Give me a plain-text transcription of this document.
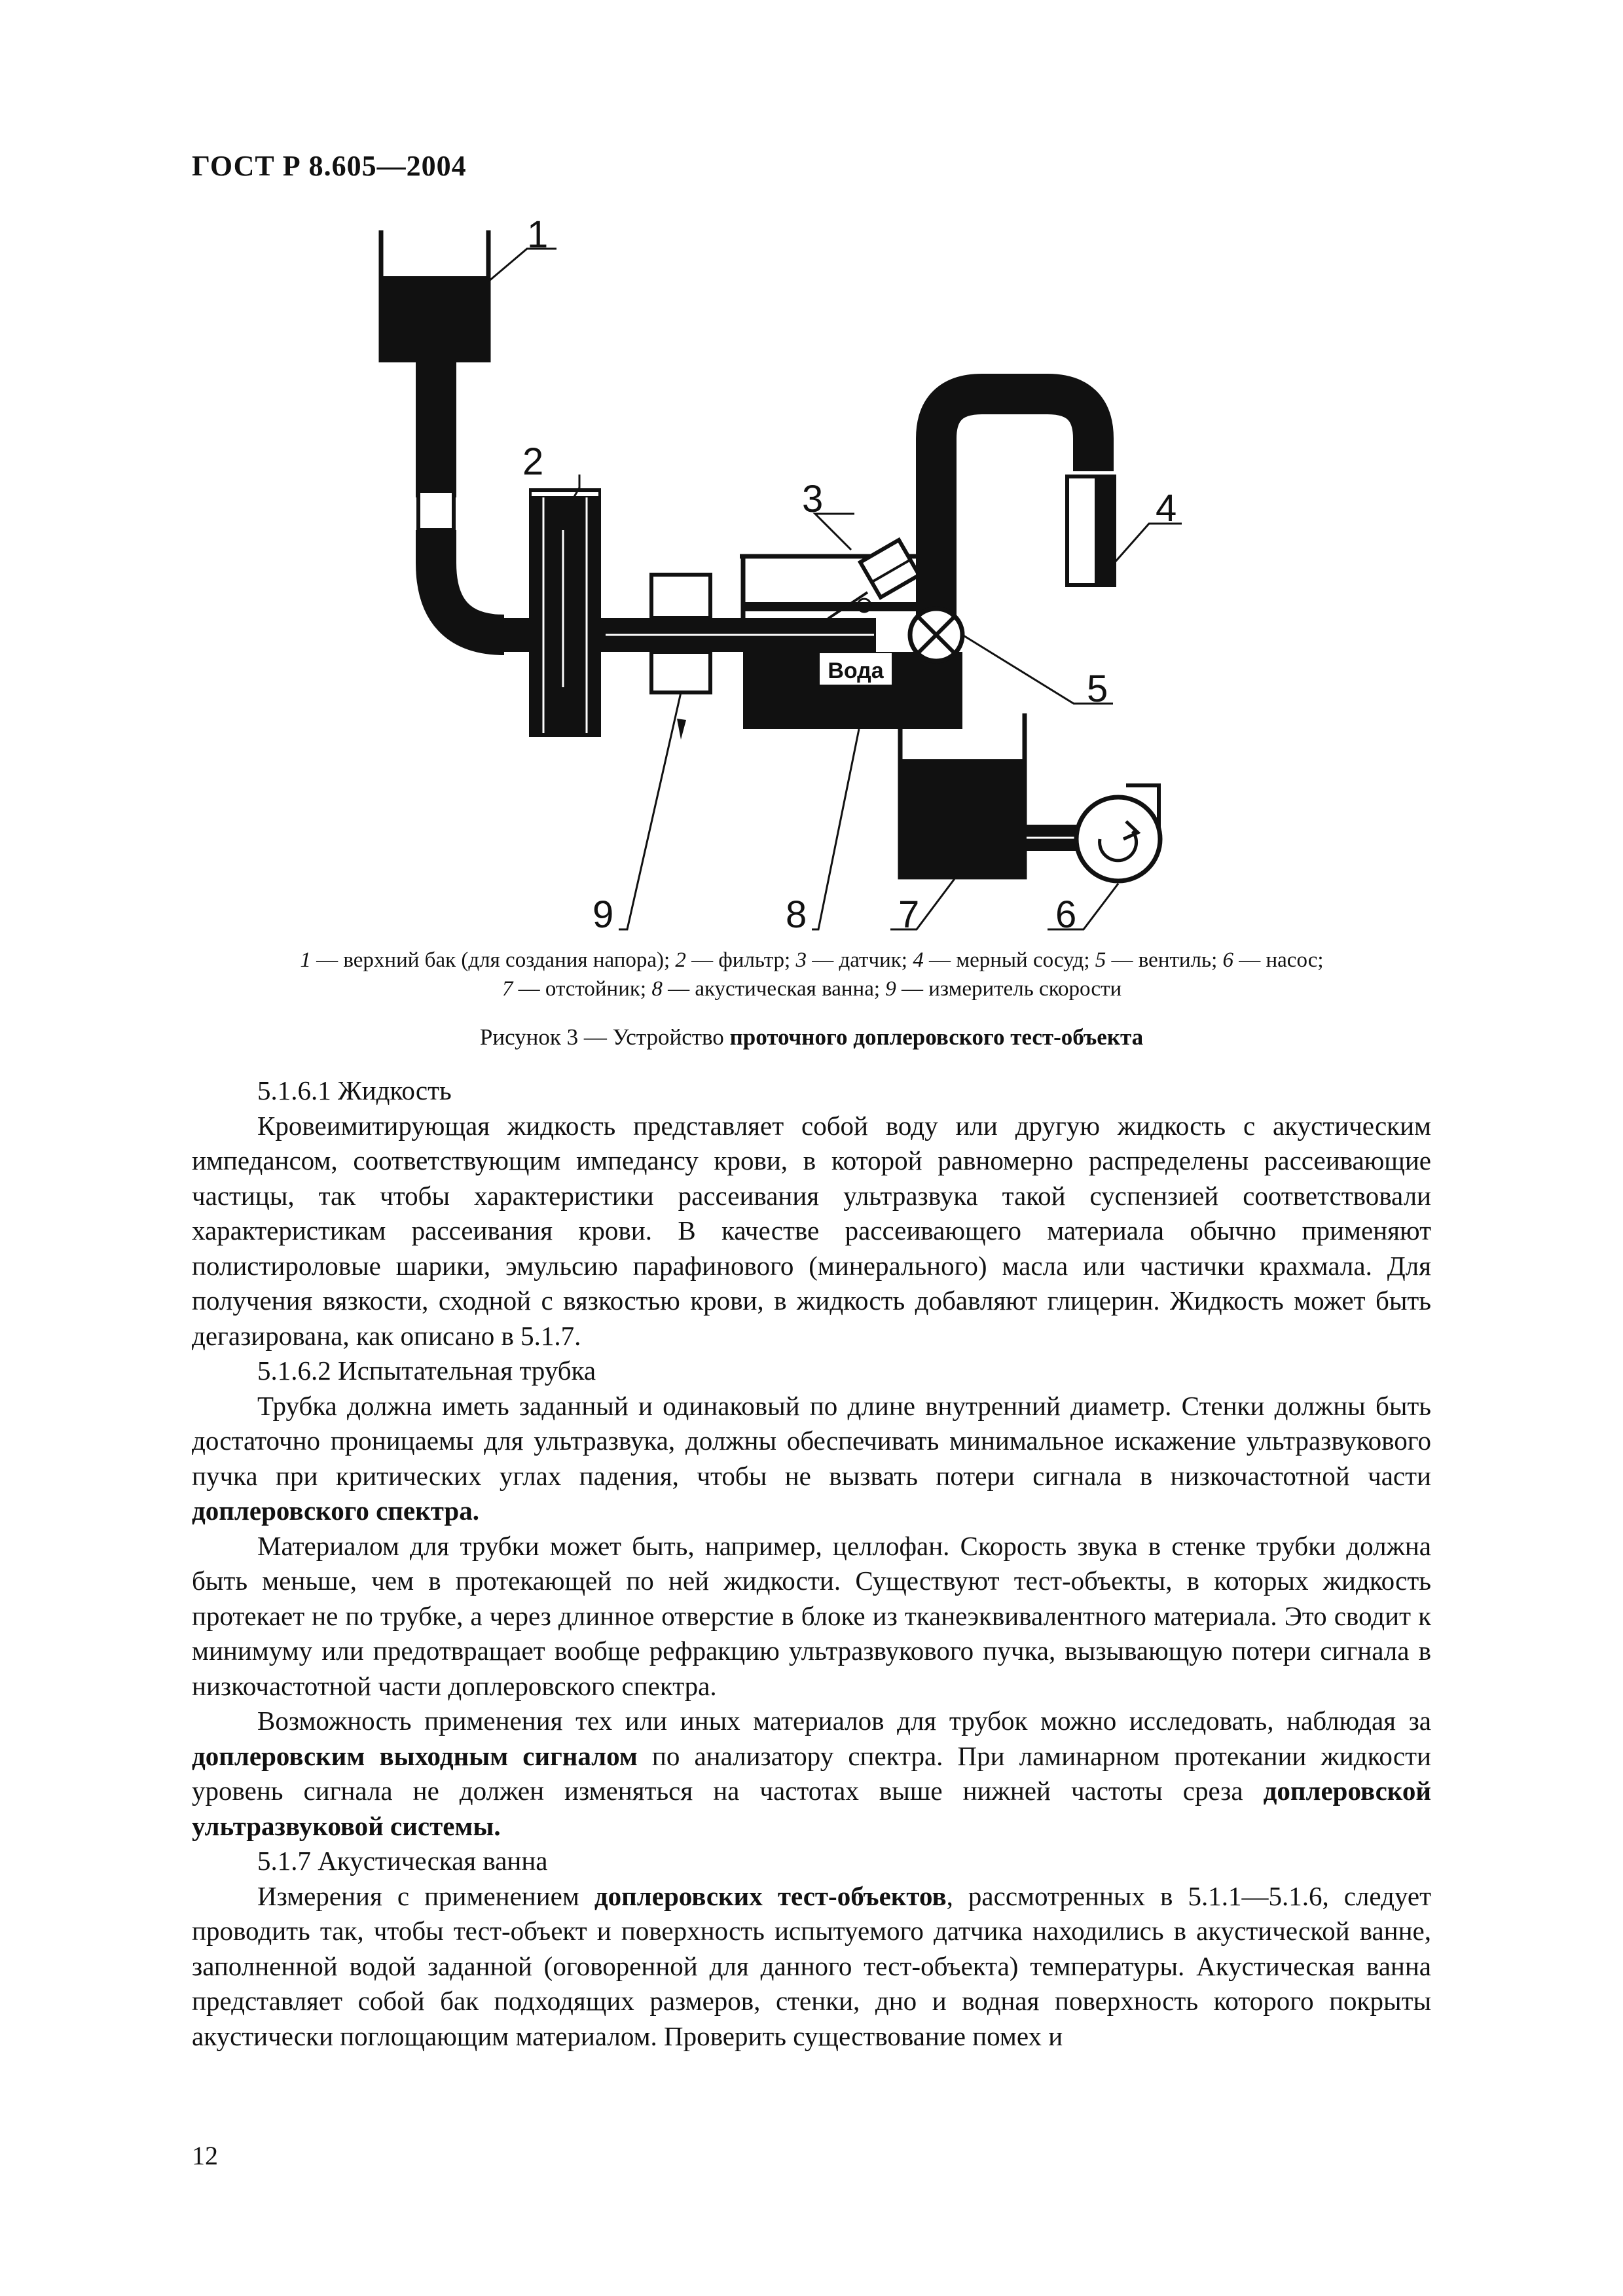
ГОСТ Р 8.605—2004
Вода
1
2
3	4
5
6
7
8
9
1 — верхний бак (для создания напора); 2 — фильтр; 3 — датчик; 4 — мерный сосуд; 5 — вентиль; 6 — насос;
7 — отстойник; 8 — акустическая ванна; 9 — измеритель скорости
Рисунок 3 — Устройство проточного доплеровского тест-объекта

5.1.6.1 Жидкость

Кровеимитирующая жидкость представляет собой воду или другую жидкость с акустическим импедансом, соответствующим импедансу крови, в которой равномерно распределены рассеивающие частицы, так чтобы характеристики рассеивания ультразвука такой суспензией соответствовали характеристикам рассеивания крови. В качестве рассеивающего материала обычно применяют полистироловые шарики, эмульсию парафинового (минерального) масла или частички крахмала. Для получения вязкости, сходной с вязкостью крови, в жидкость добавляют глицерин. Жидкость может быть дегазирована, как описано в 5.1.7.

5.1.6.2 Испытательная трубка

Трубка должна иметь заданный и одинаковый по длине внутренний диаметр. Стенки должны быть достаточно проницаемы для ультразвука, должны обеспечивать минимальное искажение ультразвукового пучка при критических углах падения, чтобы не вызвать потери сигнала в низкочастотной части доплеровского спектра.

Материалом для трубки может быть, например, целлофан. Скорость звука в стенке трубки должна быть меньше, чем в протекающей по ней жидкости. Существуют тест-объекты, в которых жидкость протекает не по трубке, а через длинное отверстие в блоке из тканеэквивалентного материала. Это сводит к минимуму или предотвращает вообще рефракцию ультразвукового пучка, вызывающую потери сигнала в низкочастотной части доплеровского спектра.

Возможность применения тех или иных материалов для трубок можно исследовать, наблюдая за доплеровским выходным сигналом по анализатору спектра. При ламинарном протекании жидкости уровень сигнала не должен изменяться на частотах выше нижней частоты среза доплеровской ультразвуковой системы.

5.1.7 Акустическая ванна

Измерения с применением доплеровских тест-объектов, рассмотренных в 5.1.1—5.1.6, следует проводить так, чтобы тест-объект и поверхность испытуемого датчика находились в акустической ванне, заполненной водой заданной (оговоренной для данного тест-объекта) температуры. Акустическая ванна представляет собой бак подходящих размеров, стенки, дно и водная поверхность которого покрыты акустически поглощающим материалом. Проверить существование помех и

12
